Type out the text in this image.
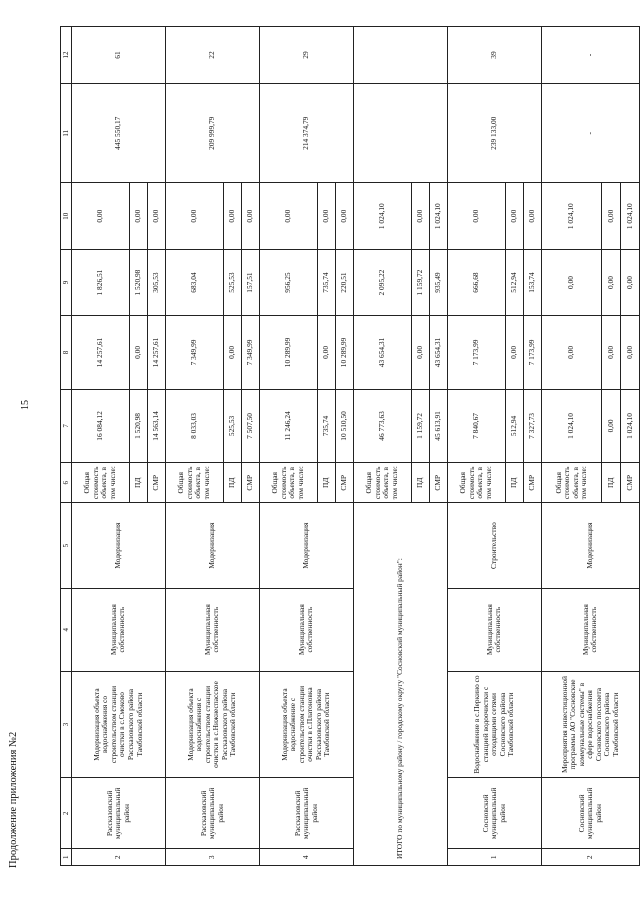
15
Продолжение приложения №2	1	2	3	4	5	6	7	8	9	10	11	12
2	Рассказовский муниципальный район	Модернизация объекта водоснабжения со строительством станции очистки в с.Смоково Рассказовского района Тамбовской области	Муниципальная собственность	Модернизация	Общая стоимость объекта, в том числе:	16 084,12	14 257,61	1 826,51	0,00	445 550,17	61
					ПД	1 520,98	0,00	1 520,98	0,00		
					СМР	14 563,14	14 257,61	305,53	0,00		
3	Рассказовский муниципальный район	Модернизация объекта водоснабжения с строительством станции очистки в с.Нижнеспасское Рассказовского района Тамбовской области	Муниципальная собственность	Модернизация	Общая стоимость объекта, в том числе:	8 033,03	7 349,99	683,04	0,00	209 999,79	22
					ПД	525,53	0,00	525,53	0,00		
					СМР	7 507,50	7 349,99	157,51	0,00		
4	Рассказовский муниципальный район	Модернизация объекта водоснабжение с строительством станции очистки в с.Платоновка Рассказовского района Тамбовской области	Муниципальная собственность	Модернизация	Общая стоимость объекта, в том числе:	11 246,24	10 289,99	956,25	0,00	214 374,79	29
					ПД	735,74	0,00	735,74	0,00		
					СМР	10 510,50	10 289,99	220,51	0,00		
ИТОГО по муниципальному району / городскому округу "Сосновский муниципальный район":					Общая стоимость объекта, в том числе:	46 773,63	43 654,31	2 095,22	1 024,10		
					ПД	1 159,72	0,00	1 159,72	0,00		
					СМР	45 613,91	43 654,31	935,49	1 024,10		
1	Сосновский муниципальный район	Водоснабжение в с.Перкино со станцией водоочистки с отходящими сетями Сосновского района Тамбовской области	Муниципальная собственность	Строительство	Общая стоимость объекта, в том числе:	7 840,67	7 173,99	666,68	0,00	239 133,00	39
					ПД	512,94	0,00	512,94	0,00		
					СМР	7 327,73	7 173,99	153,74	0,00		
2	Сосновский муниципальный район	Мероприятия инвестиционной программы АО "Сосновские коммунальные системы" в сфере водоснабжения Сосновского поссовета Сосновского района Тамбовской области	Муниципальная собственность	Модернизация	Общая стоимость объекта, в том числе:	1 024,10	0,00	0,00	1 024,10	-	-
					ПД	0,00	0,00	0,00	0,00		
					СМР	1 024,10	0,00	0,00	1 024,10		
